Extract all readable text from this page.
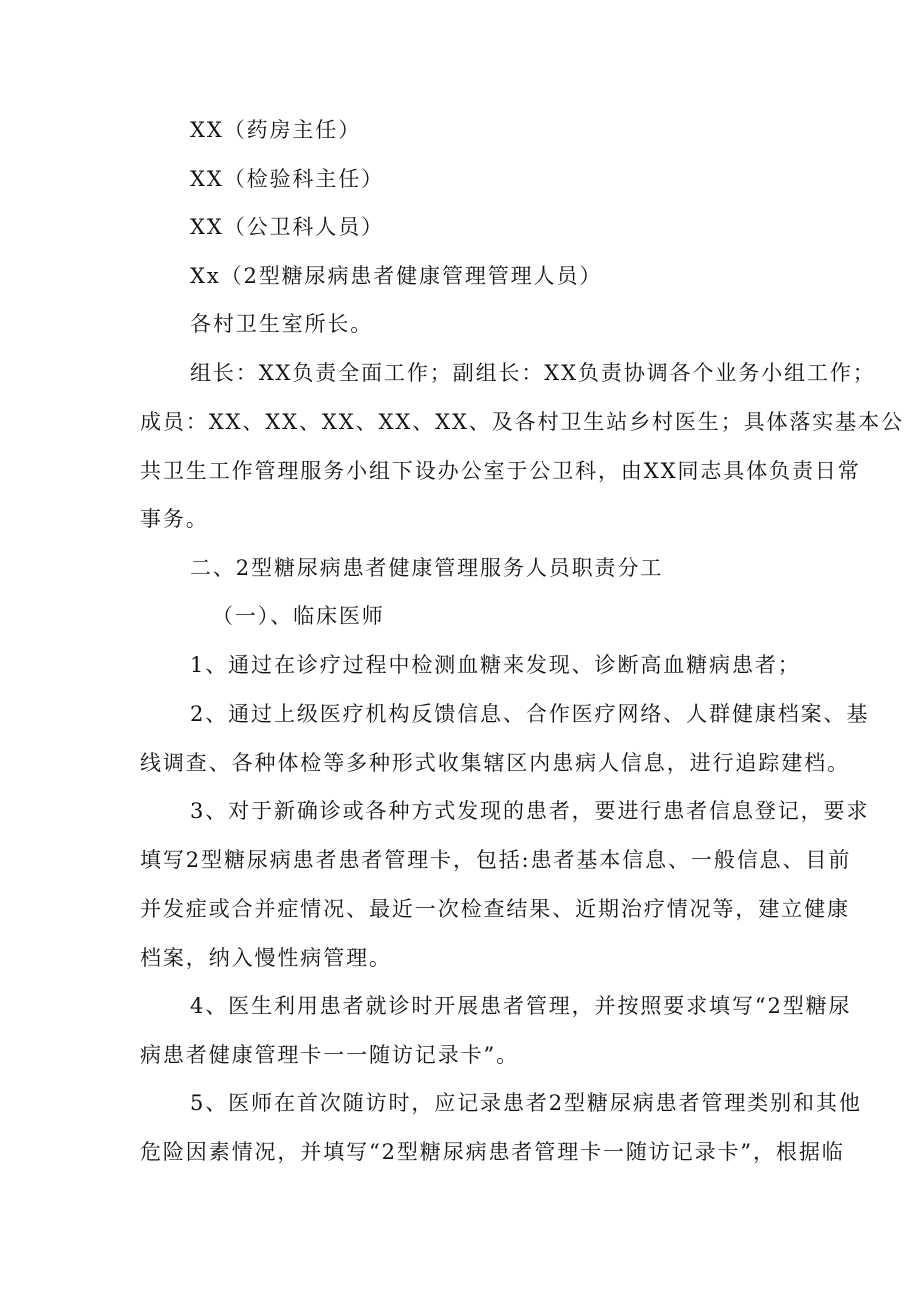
XX（药房主任）
XX（检验科主任）
XX（公卫科人员）
Xx（2型糖尿病患者健康管理管理人员）
各村卫生室所长。
组长：XX负责全面工作；副组长：XX负责协调各个业务小组工作；
成员：XX、XX、XX、XX、XX、及各村卫生站乡村医生；具体落实基本公
共卫生工作管理服务小组下设办公室于公卫科，由XX同志具体负责日常
事务。
二、2型糖尿病患者健康管理服务人员职责分工
（一）、临床医师
1、通过在诊疗过程中检测血糖来发现、诊断高血糖病患者；
2、通过上级医疗机构反馈信息、合作医疗网络、人群健康档案、基
线调查、各种体检等多种形式收集辖区内患病人信息，进行追踪建档。
3、对于新确诊或各种方式发现的患者，要进行患者信息登记，要求
填写2型糖尿病患者患者管理卡，包括:患者基本信息、一般信息、目前
并发症或合并症情况、最近一次检查结果、近期治疗情况等，建立健康
档案，纳入慢性病管理。
4、医生利用患者就诊时开展患者管理，并按照要求填写“2型糖尿
病患者健康管理卡一一随访记录卡”。
5、医师在首次随访时，应记录患者2型糖尿病患者管理类别和其他
危险因素情况，并填写“2型糖尿病患者管理卡一随访记录卡”，根据临
